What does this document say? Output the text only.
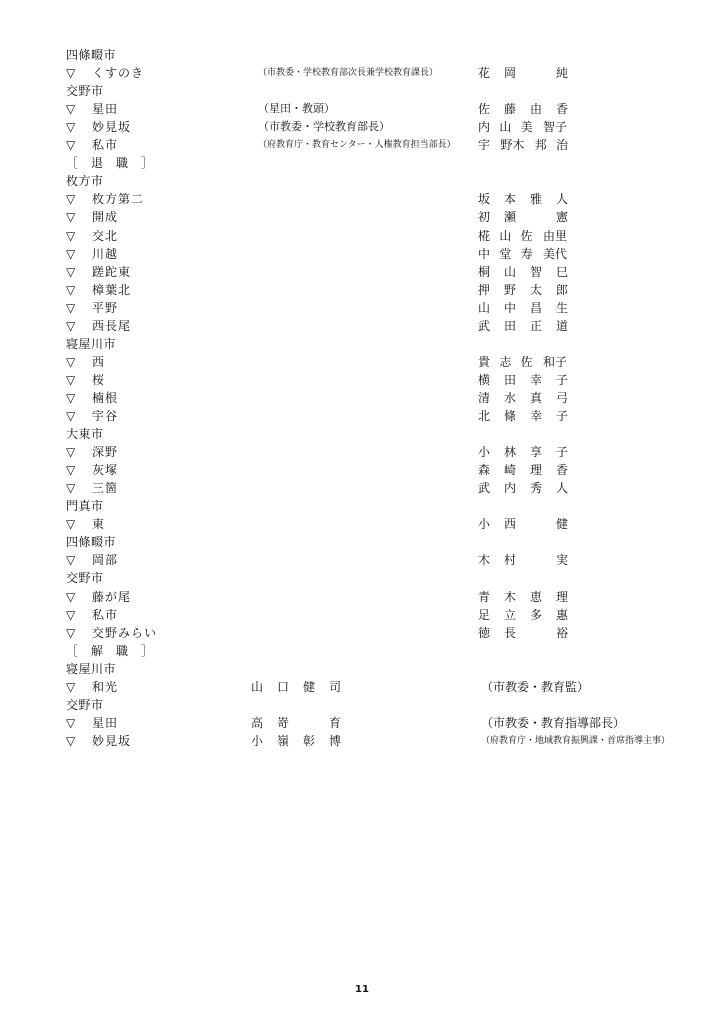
四條畷市
▽ くすのき	（市教委・学校教育部次長兼学校教育課長）	花 岡	純
交野市
▽ 星田	（星田・教頭）	佐 藤 由 香
▽ 妙見坂	（市教委・学校教育部長）	内 山 美 智子
▽ 私市	（府教育庁・教育センター・人権教育担当部長） 宇 野木 邦 治
［　退　職　］
枚方市
▽ 枚方第二	坂 本 雅 人
▽ 開成	初 瀬	憲
▽ 交北	椛 山 佐 由里
▽ 川越	中 堂 寿 美代
▽ 蹉跎東	桐 山 智 巳
▽ 樟葉北	押 野 太 郎
▽ 平野	山 中 昌 生
▽ 西長尾	武 田 正 道
寝屋川市
▽ 西	貴 志 佐 和子
▽ 桜	横 田 幸 子
▽ 楠根	清 水 真 弓
▽ 宇谷	北 條 幸 子
大東市
▽ 深野	小 林 享 子
▽ 灰塚	森 崎 理 香
▽ 三箇	武 内 秀 人
門真市
▽ 東	小 西	健
四條畷市
▽ 岡部	木 村	実
交野市
▽ 藤が尾	青 木 恵 理
▽ 私市	足 立 多 惠
▽ 交野みらい	徳 長	裕
［　解　職　］
寝屋川市
▽ 和光	山 口 健 司	（市教委・教育監）
交野市
▽ 星田	高 嵜	育	（市教委・教育指導部長）
▽ 妙見坂	小 嶺 彰 博	（府教育庁・地域教育振興課・首席指導主事）
11
